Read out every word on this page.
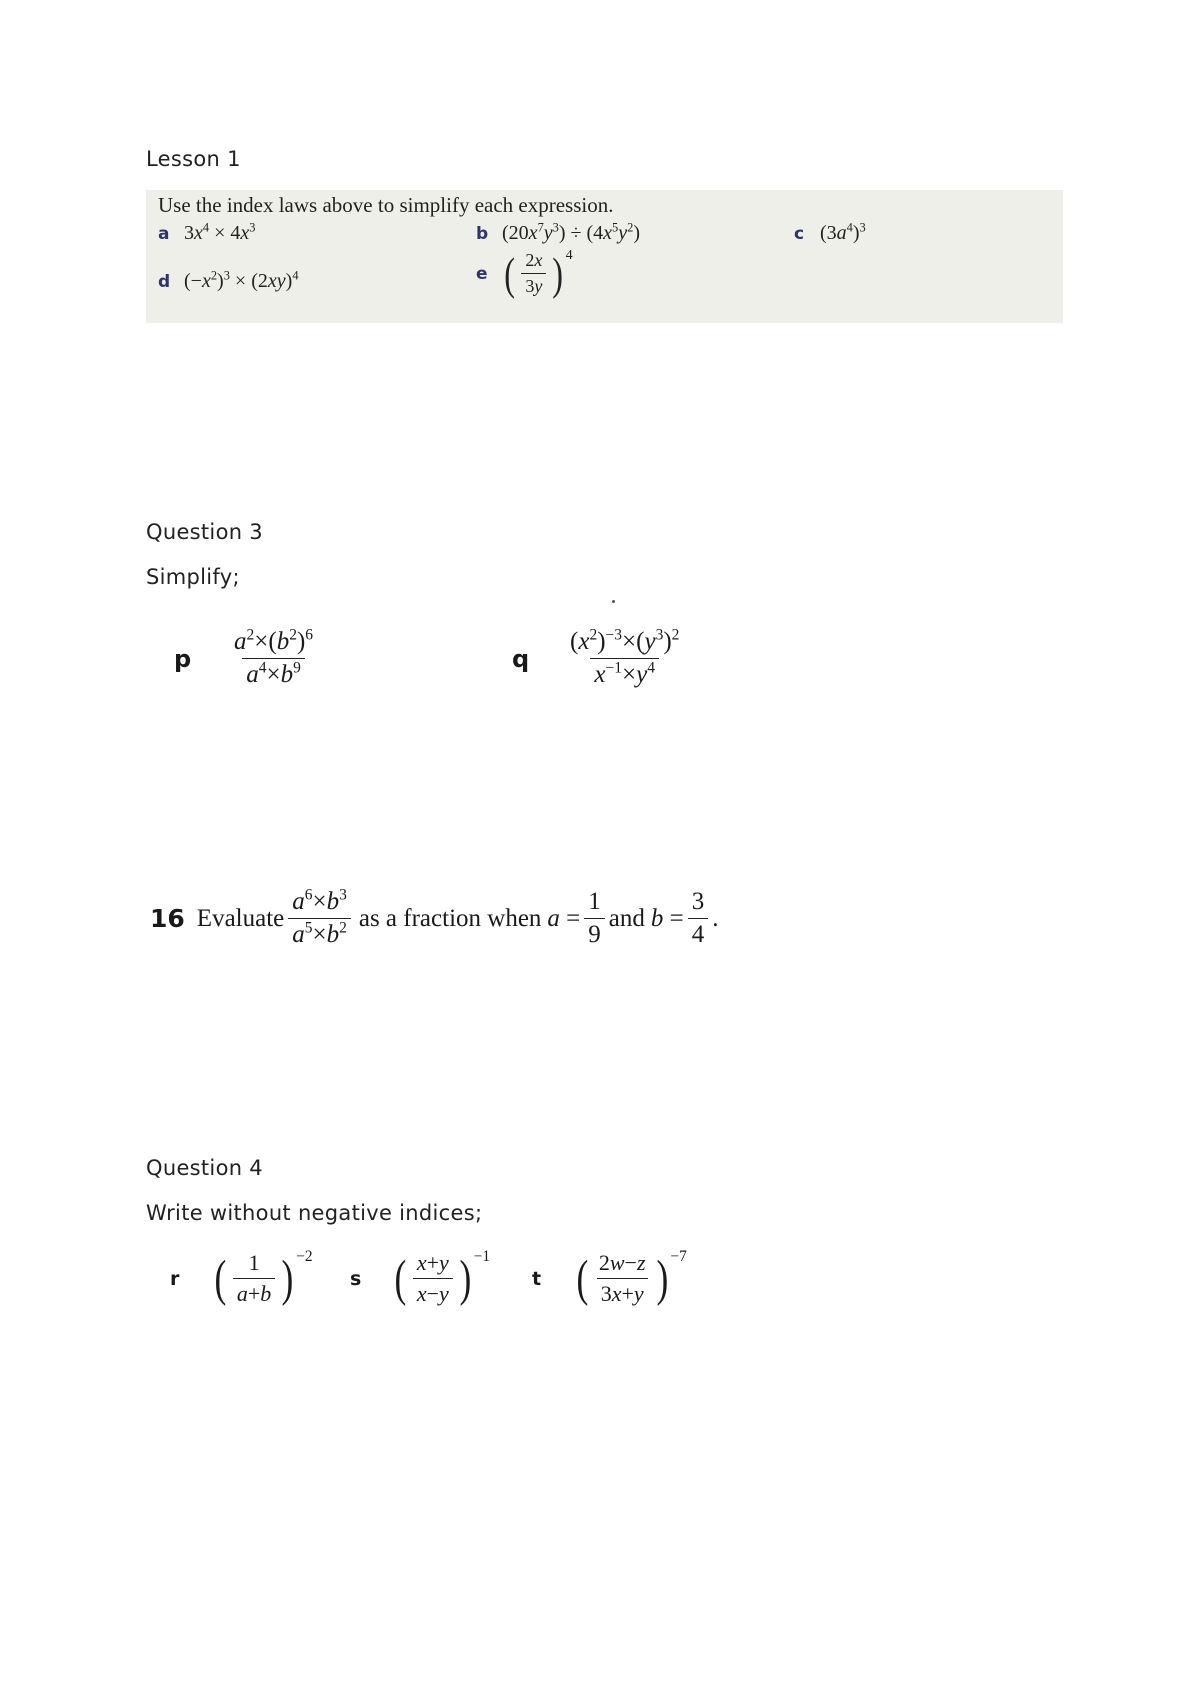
Lesson 1
Use the index laws above to simplify each expression.
a $3x^4 \times 4x^3$	b $(20x^7y^3) \div (4x^5y^2)$	c $(3a^4)^3$
d $(-x^2)^3 \times (2xy)^4$	e ( $\frac{2x}{3y}$ ) 4
Question 3
Simplify;
p	$\frac{a^2\times(b^2)^6}{a^4\times b^9}$	q	$\frac{(x^2)^{-3}\times(y^3)^2}{x^{-1}\times y^4}$
16 Evaluate $\frac{a^6\times b^3}{a^5\times b^2}$ as a fraction when $a = \frac{1}{9}$ and $b = \frac{3}{4}$ .
Question 4
Write without negative indices;
r ( $\frac{1}{a+b}$ ) −2
s ( $\frac{x+y}{x-y}$ ) −1
t ( $\frac{2w-z}{3x+y}$ ) −7
